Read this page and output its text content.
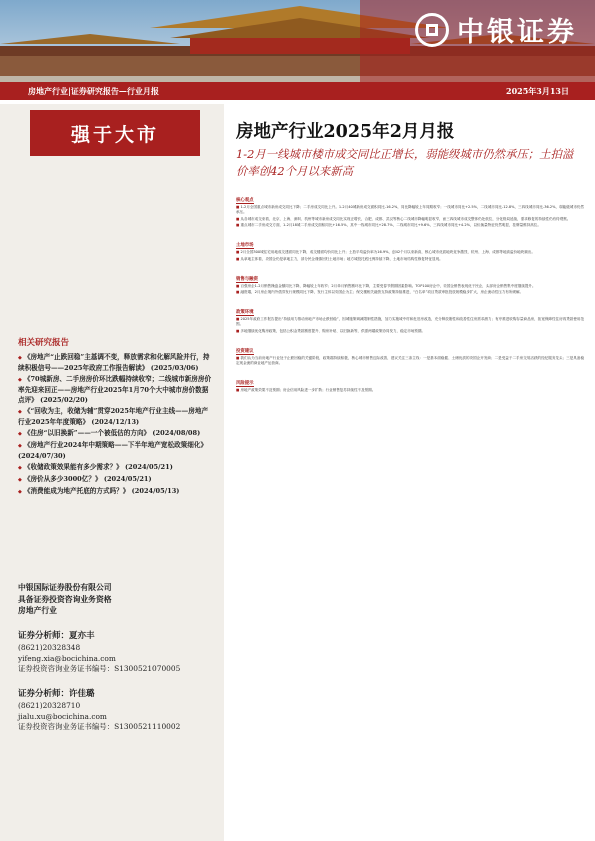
中银证券
房地产行业|证券研究报告—行业月报	2025年3月13日
强于大市
相关研究报告
◆ 《房地产“止跌回稳”主基调不变，释放需求和化解风险并行，持续积极信号——2025年政府工作报告解读》 (2025/03/06)
◆ 《70城新房、二手房房价环比跌幅持续收窄；二线城市新房房价率先迎来回正——房地产行业2025年1月70个大中城市房价数据点评》 (2025/02/20)
◆ 《“回收为主，收储为辅”贯穿2025年地产行业主线——房地产行业2025年年度策略》 (2024/12/13)
◆ 《住房“以旧换新”——一个被低估的方向》 (2024/08/08)
◆ 《房地产行业2024年中期策略——下半年地产宽松政策细化》 (2024/07/30)
◆ 《收储政策效果能有多少需求？》 (2024/05/21)
◆ 《房价从多少3000亿？》 (2024/05/21)
◆ 《消费能成为地产托底的方式吗？》 (2024/05/13)
中银国际证券股份有限公司
具备证券投资咨询业务资格
房地产行业
证券分析师：夏亦丰
(8621)20328348
yifeng.xia@bocichina.com
证券投资咨询业务证书编号：S1300521070005
证券分析师：许佳璐
(8621)20328710
jialu.xu@bocichina.com
证券投资咨询业务证书编号：S1300521110002
房地产行业2025年2月月报
1-2月一线城市楼市成交同比正增长，弱能级城市仍然承压；土拍溢价率创42个月以来新高
核心观点
■ 1-2月全国重点城市新房成交同比下降；二手房成交同比上升。1-2月40城新房成交面积同比-16.2%，同比降幅较上年同期收窄；一线城市同比+2.5%，二线城市同比-12.8%，三四线城市同比-36.2%，弱能级城市仍然承压。
■ 从各城市成交来看，北京、上海、深圳、杭州等城市新房成交同比实现正增长，合肥、成都、武汉等核心二线城市降幅明显收窄，而三四线城市成交整体仍处低位，分化格局延续，需求修复的持续性仍有待观察。
■ 重点城市二手房成交方面，1-2月18城二手房成交面积同比+16.5%，其中一线城市同比+28.7%，二线城市同比+9.6%，三四线城市同比+4.2%，以价换量特征仍然明显，挂牌量维持高位。
土地市场
■ 2月全国300城住宅用地成交建面同比下降，成交楼面均价同比上升；土拍平均溢价率为16.9%，创42个月以来新高，核心城市优质地块竞争激烈，杭州、上海、成都等地高溢价地块频出。
■ 从拿地主体看，央国企仍是拿地主力，部分民企谨慎回归土地市场；地方城投托底比例持续下降，土地市场结构性修复特征显现。
销售与融资
■ 百强房企1-2月销售操盘金额同比下降，降幅较上年收窄；2月单月销售额环比下降，主要受春节假期因素影响。TOP100房企中，央国企销售表现优于民企，头部房企销售集中度继续提升。
■ 融资端，2月房企境内外债券发行规模同比下降，发行主体以央国企为主；保交楼相关融资支持政策持续推进，“白名单”项目贷款审批投放规模稳步扩大，房企流动性压力有所缓解。
政策环境
■ 2025年政府工作报告提出“持续用力推动房地产市场止跌回稳”，因城施策调减限制性措施，加力实施城中村和危旧房改造，充分释放刚性和改善性住房需求潜力；有序推进收购存量商品房，拓宽保障性住房再贷款使用范围。
■ 多地继续优化购房政策，包括公积金贷款额度提升、购房补贴、以旧换新等，供需两端政策协同发力，稳定市场预期。
投资建议
■ 我们认为当前房地产行业处于止跌回稳的关键阶段，政策端持续积极，核心城市销售边际改善，建议关注三条主线：一是基本面稳健、土储优质的央国企开发商；二是受益于二手房交易活跃的经纪服务龙头；三是具备稳定现金流的商业地产运营商。
风险提示
■ 房地产政策效果不及预期；房企信用风险进一步扩散；行业销售复苏持续性不及预期。
